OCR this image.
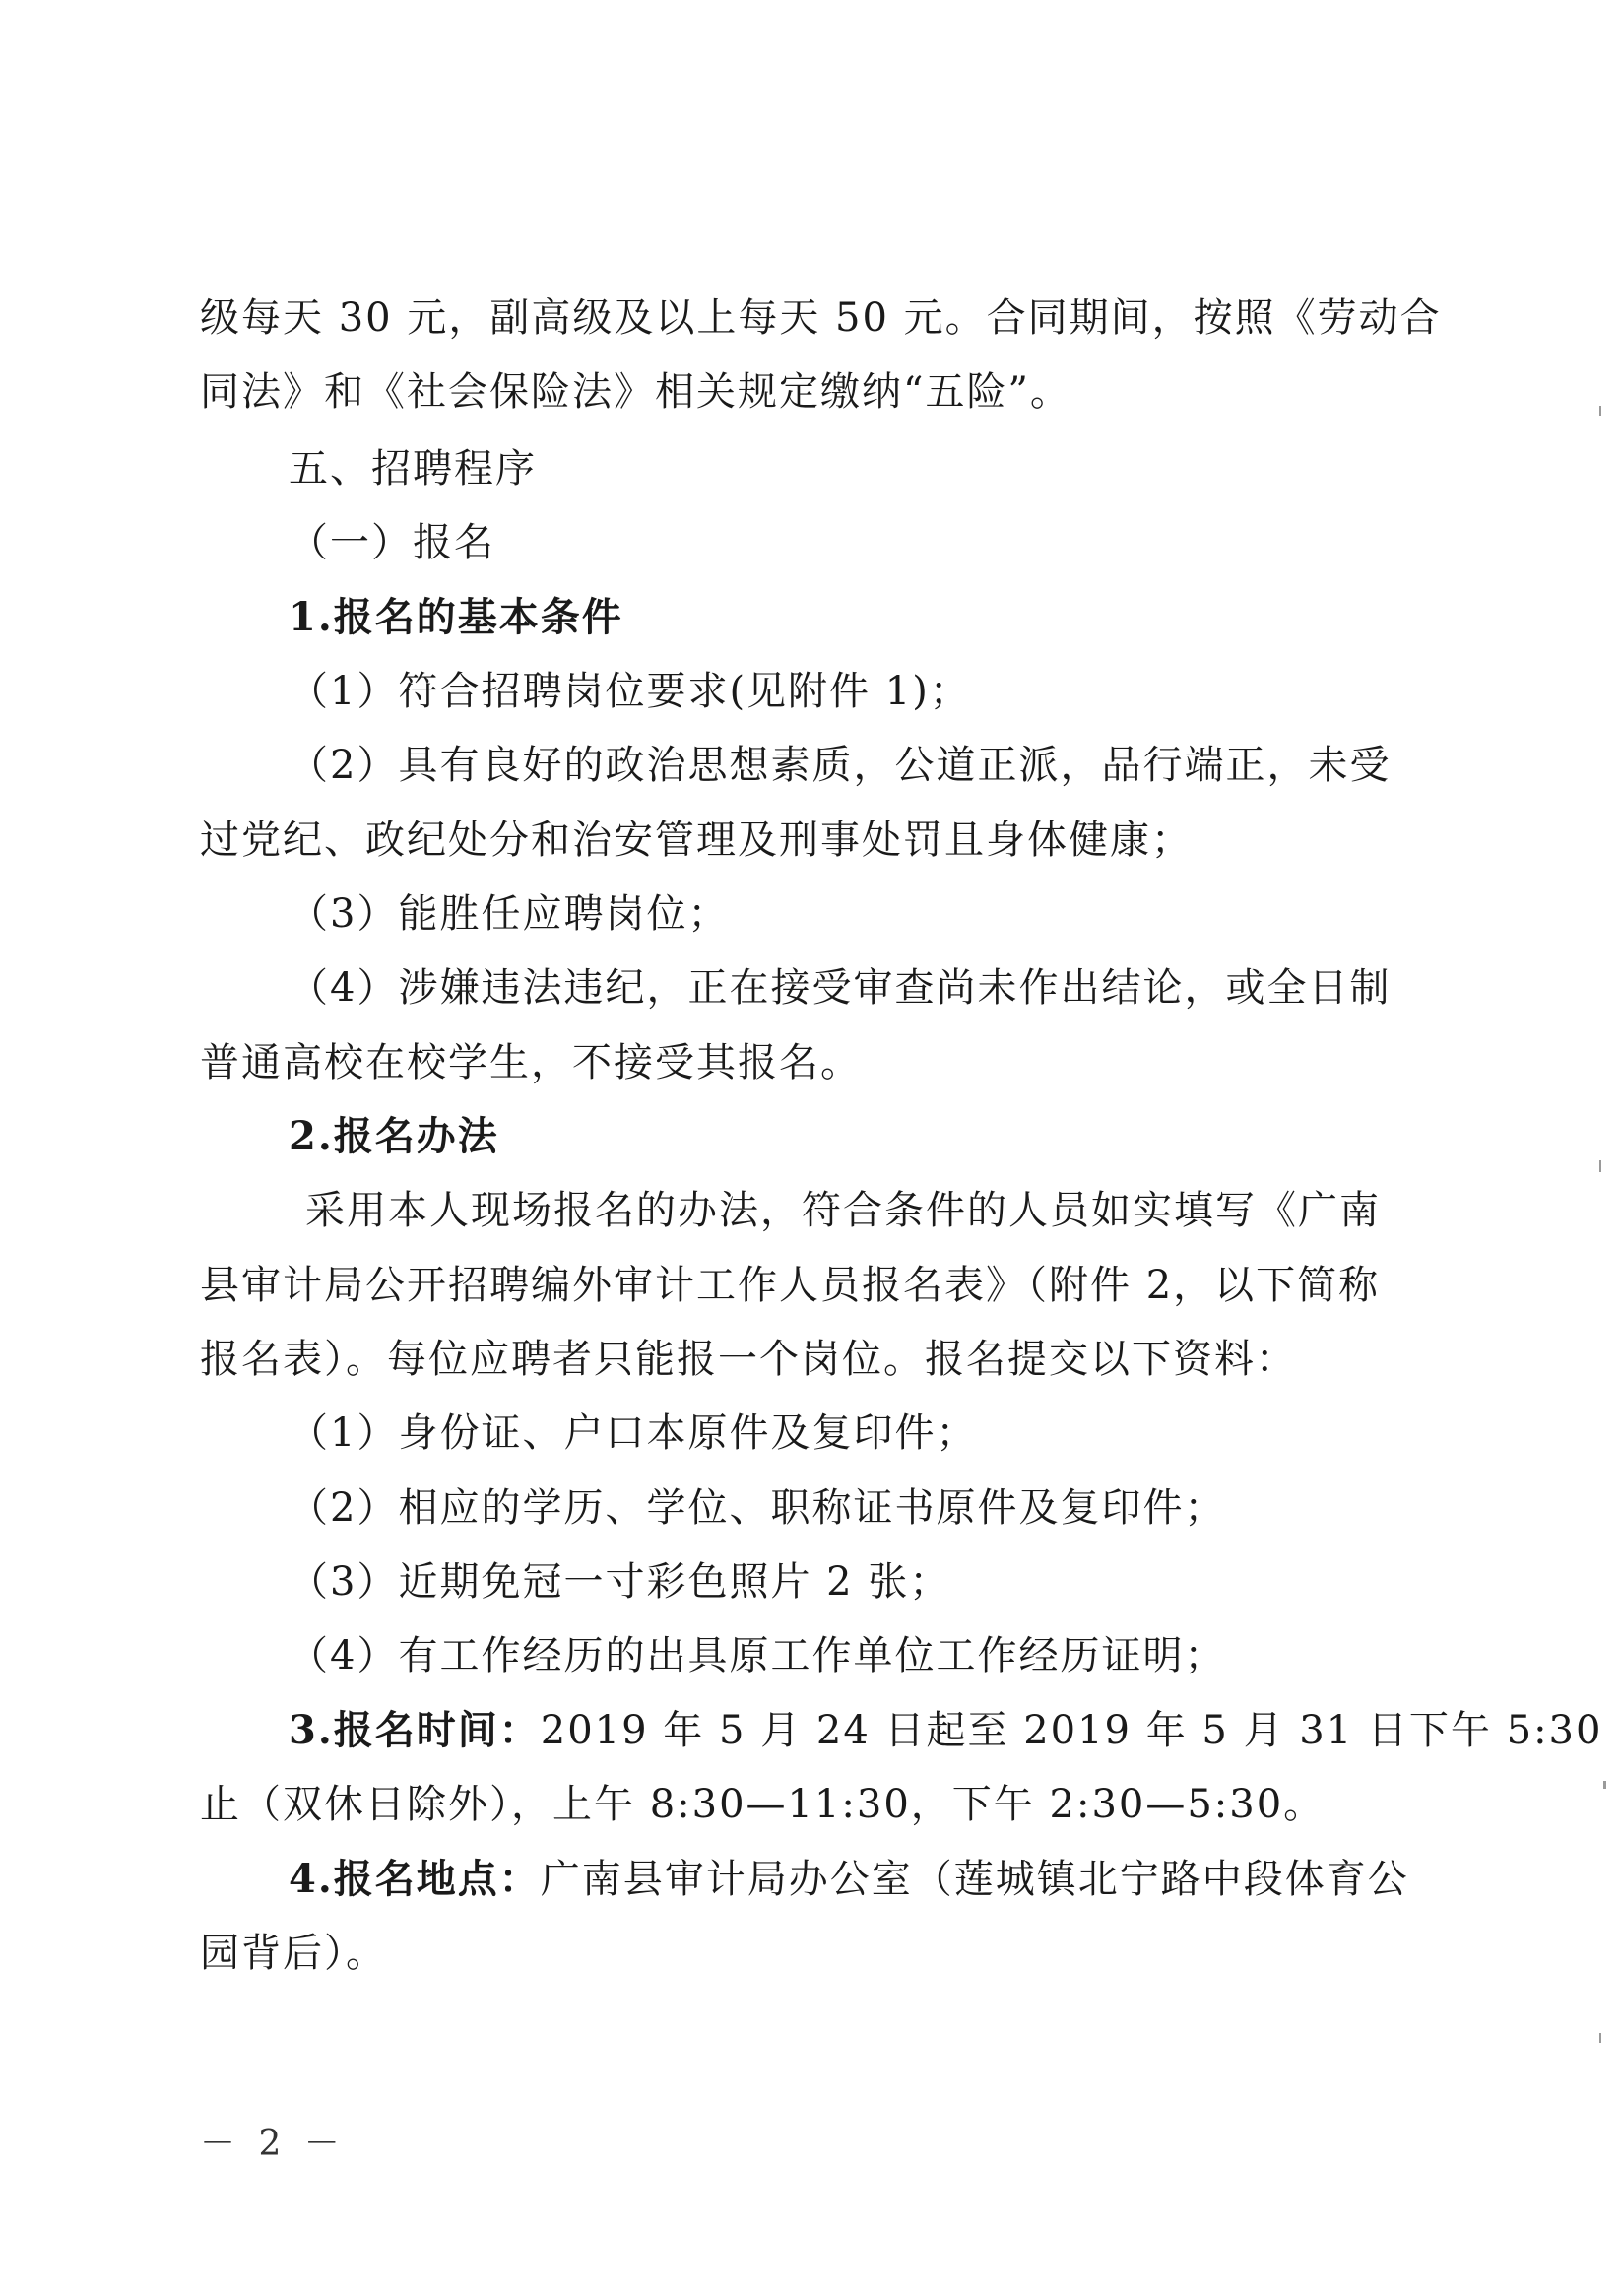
级每天 30 元，副高级及以上每天 50 元。合同期间，按照《劳动合
同法》和《社会保险法》相关规定缴纳“五险”。
五、招聘程序
（一）报名
1.报名的基本条件
（1）符合招聘岗位要求(见附件 1)；
（2）具有良好的政治思想素质，公道正派，品行端正，未受
过党纪、政纪处分和治安管理及刑事处罚且身体健康；
（3）能胜任应聘岗位；
（4）涉嫌违法违纪，正在接受审查尚未作出结论，或全日制
普通高校在校学生，不接受其报名。
2.报名办法
采用本人现场报名的办法，符合条件的人员如实填写《广南
县审计局公开招聘编外审计工作人员报名表》（附件 2，以下简称
报名表）。每位应聘者只能报一个岗位。报名提交以下资料：
（1）身份证、户口本原件及复印件；
（2）相应的学历、学位、职称证书原件及复印件；
（3）近期免冠一寸彩色照片 2 张；
（4）有工作经历的出具原工作单位工作经历证明；
3.报名时间：2019 年 5 月 24 日起至 2019 年 5 月 31 日下午 5:30
止（双休日除外），上午 8:30—11:30，下午 2:30—5:30。
4.报名地点：广南县审计局办公室（莲城镇北宁路中段体育公
园背后）。
－ 2 －
